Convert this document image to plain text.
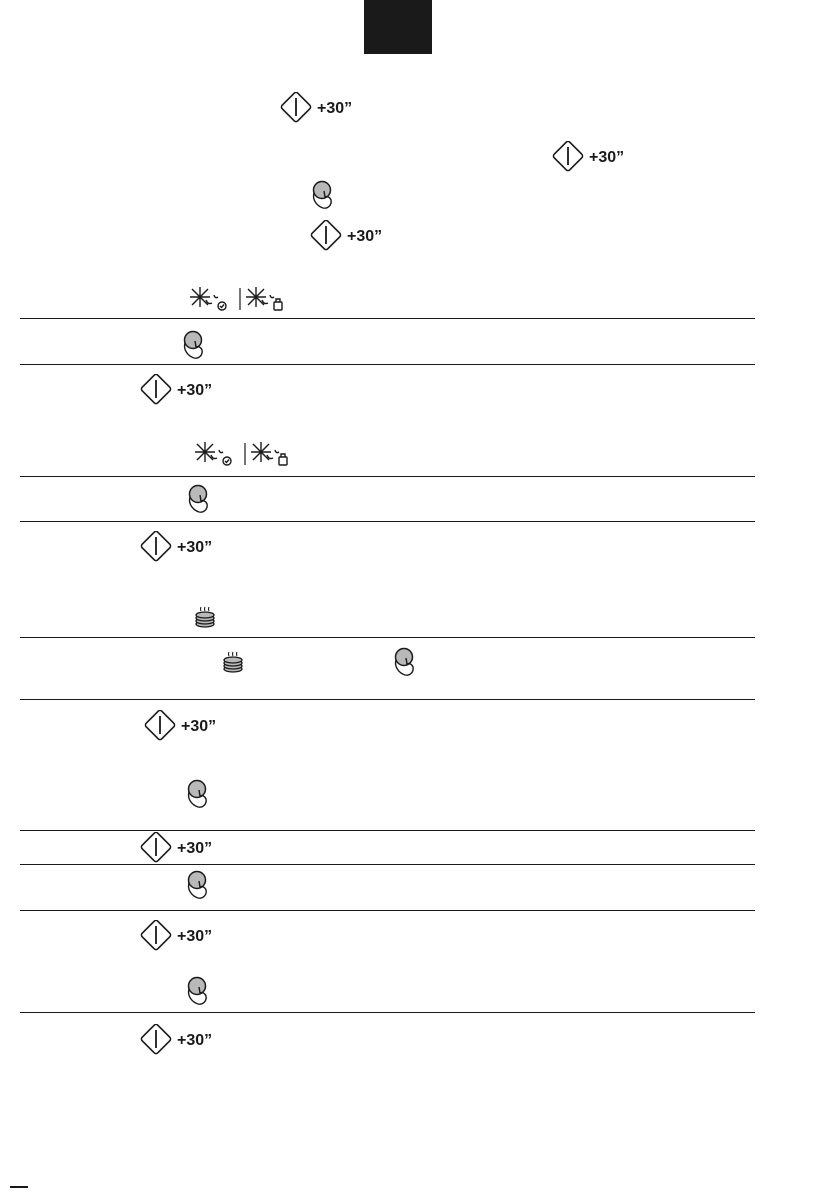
+30”
+30”
+30”
+30”
+30”
+30”
+30”
+30”
+30”
